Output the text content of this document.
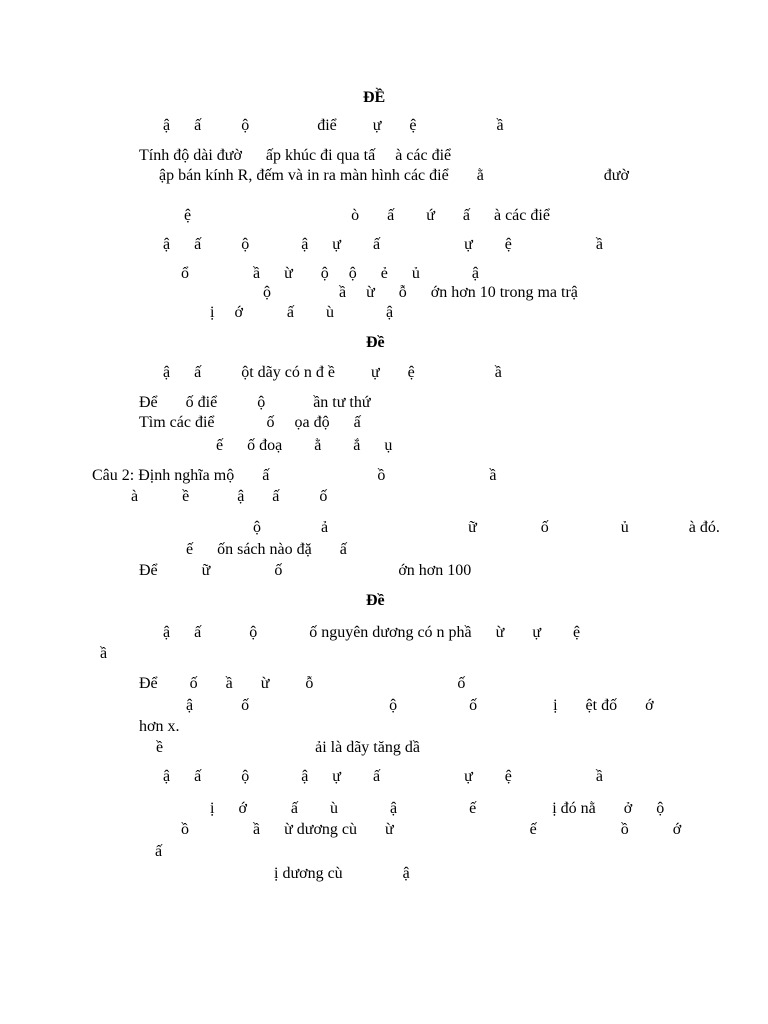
ĐỀ
ậ      ấ          ộ                 điể         ự       ệ                    ầ
Tính độ dài đườ      ấp khúc đi qua tấ     à các điể
ập bán kính R, đếm và in ra màn hình các điể       ằ                              đườ
ệ                                        ò       ấ        ứ       ấ      à các điể
ậ      ấ          ộ             ậ      ự        ấ                     ự        ệ                     ầ
ổ                ầ      ừ       ộ     ộ      ẻ      ủ             ậ
ộ                 ầ     ừ      ỗ      ớn hơn 10 trong ma trậ
ị     ớ           ấ        ù             ậ
Đề
ậ      ấ          ột dãy có n đ ề         ự       ệ                    ầ
Để       ố điể          ộ            ần tư thứ
Tìm các điể             ố     ọa độ      ấ
ế      ố đoạ        ằ        ắ      ụ
Câu 2: Định nghĩa mộ       ấ                           ồ                          ầ
à           ề            ậ       ấ          ố
ộ               ả                                   ữ                ố                  ủ               à đó.
ế      ốn sách nào đặ       ấ
Để           ữ                ố                             ớn hơn 100
Đề
ậ      ấ            ộ             ố nguyên dương có n phầ      ừ       ự        ệ
ầ
Để        ố       ầ       ừ         ỗ                                    ố
ậ            ố                                   ộ                  ố                   ị       ệt đố       ớ
hơn x.
ề                                      ải là dãy tăng dầ
ậ      ấ          ộ             ậ      ự        ấ                     ự        ệ                     ầ
ị      ớ           ấ        ù             ậ                  ế                   ị đó nằ       ở      ộ
ồ                ầ      ừ dương cù       ừ                                  ế                     ồ           ớ
ấ
ị dương cù               ậ
